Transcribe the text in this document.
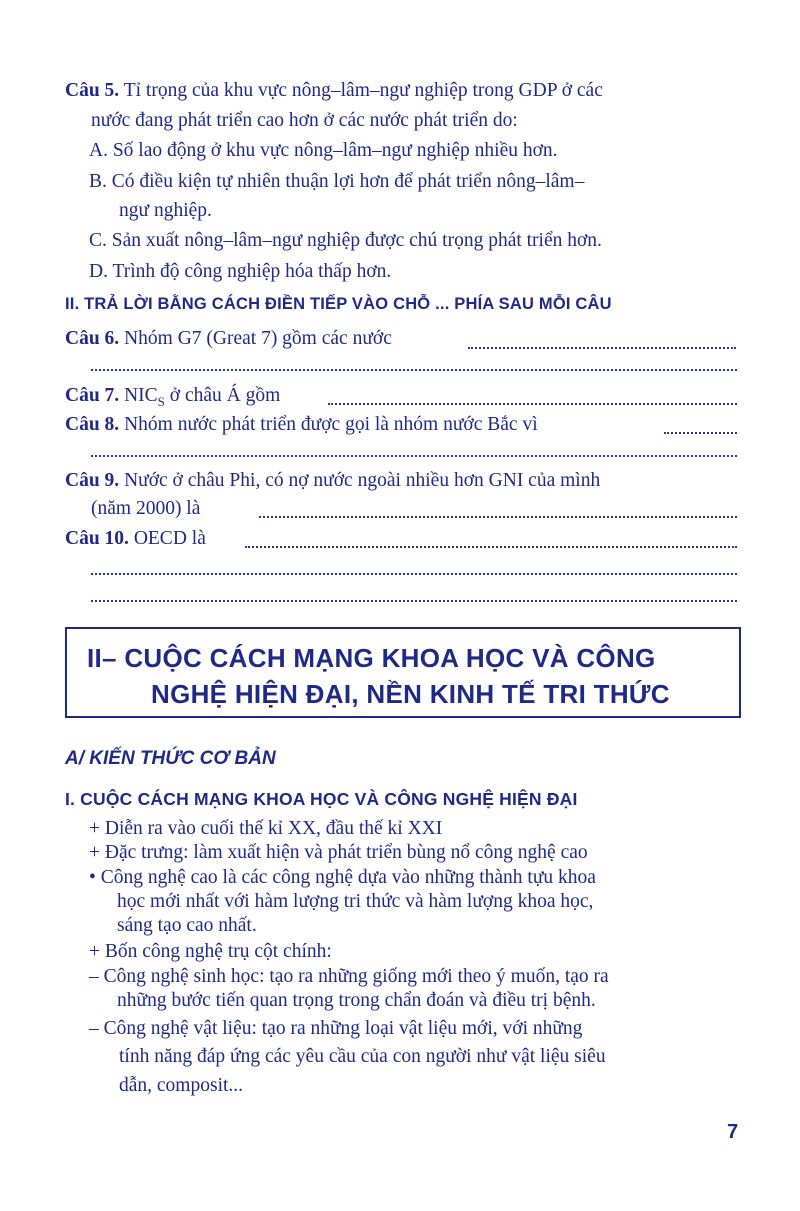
Câu 5. Tỉ trọng của khu vực nông–lâm–ngư nghiệp trong GDP ở các
nước đang phát triển cao hơn ở các nước phát triển do:
A. Số lao động ở khu vực nông–lâm–ngư nghiệp nhiều hơn.
B. Có điều kiện tự nhiên thuận lợi hơn để phát triển nông–lâm–
ngư nghiệp.
C. Sản xuất nông–lâm–ngư nghiệp được chú trọng phát triển hơn.
D. Trình độ công nghiệp hóa thấp hơn.
II. TRẢ LỜI BẰNG CÁCH ĐIỀN TIẾP VÀO CHỖ ... PHÍA SAU MỖI CÂU
Câu 6. Nhóm G7 (Great 7) gồm các nước
Câu 7. $NIC_S$ ở châu Á gồm
Câu 8. Nhóm nước phát triển được gọi là nhóm nước Bắc vì
Câu 9. Nước ở châu Phi, có nợ nước ngoài nhiều hơn GNI của mình
(năm 2000) là
Câu 10. OECD là
II– CUỘC CÁCH MẠNG KHOA HỌC VÀ CÔNG
NGHỆ HIỆN ĐẠI, NỀN KINH TẾ TRI THỨC
A/ KIẾN THỨC CƠ BẢN
I. CUỘC CÁCH MẠNG KHOA HỌC VÀ CÔNG NGHỆ HIỆN ĐẠI
+ Diễn ra vào cuối thế kỉ XX, đầu thế kỉ XXI
+ Đặc trưng: làm xuất hiện và phát triển bùng nổ công nghệ cao
• Công nghệ cao là các công nghệ dựa vào những thành tựu khoa
học mới nhất với hàm lượng tri thức và hàm lượng khoa học,
sáng tạo cao nhất.
+ Bốn công nghệ trụ cột chính:
– Công nghệ sinh học: tạo ra những giống mới theo ý muốn, tạo ra
những bước tiến quan trọng trong chẩn đoán và điều trị bệnh.
– Công nghệ vật liệu: tạo ra những loại vật liệu mới, với những
tính năng đáp ứng các yêu cầu của con người như vật liệu siêu
dẫn, composit...
7
